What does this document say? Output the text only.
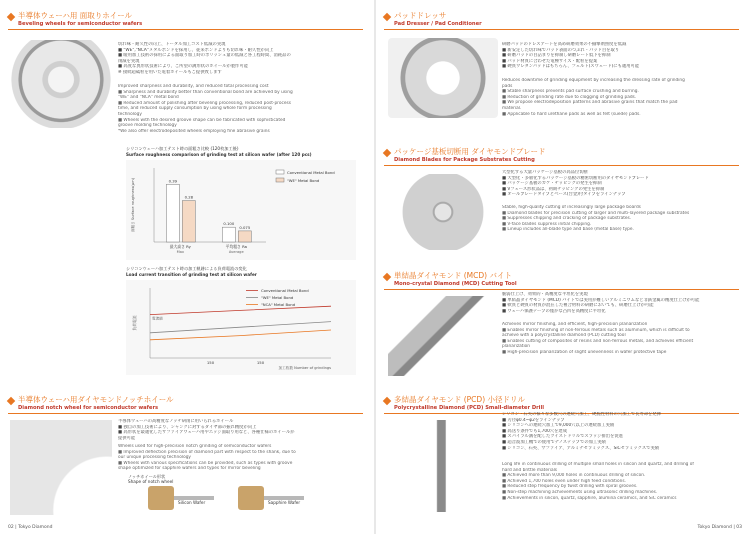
半導体ウェーハ用 面取りホイール
Beveling wheels for semiconductor wafers

切れ味・耐久性の向上、トータル加工コスト低減の実現

■ "WE","NCA"メタルボンドを採用し、従来ボンドよりも切れ味・耐久性が向上

■ 暖用加工技術の採用による面取り加工時のポリッシュ量の低減と各工程時間、消耗品の

削減を実現

■ 高度な異形状技術により、ご所望の溝形状のホイールが製作可能

※ 接続超砥粒を用いた電着ホイールもご提供致します

Improved sharpness and durability, and reduced total processing cost

■ Sharpness and durability better than conventional bond are achieved by using

"WE" and "NCA" metal bond

■ Reduced amount of polishing after beveling processing, reduced post-process

time, and reduced supply consumption by using whole form processing

technology

■ Wheels with the desired groove shape can be fabricated with sophisticated

groove molding technology

*We also offer electrodeposited wheels employing fine abrasive grains

シリコンウェーハ加工テスト時の面粗さ比較 (120枚加工後)
Surface roughness comparison of grinding test at silicon wafer (after 120 pcs)
面粗さ Surface roughness(μm)	0.39
0.28
最大高さ Ry
Max
0.100
0.075
平均粗さ Ra
Average
Conventional Metal Bond
"WE" Metal Bond
シリコンウェーハ加工テスト時の加工軌跡による負荷電流の変化
Load current transition of grinding test at silicon wafer
負荷電流
加工枚数 Number of grindings
150	150
電流値
Conventional Metal Bond
"WE" Metal Bond
"NCA" Metal Bond
半導体ウェーハ用ダイヤモンドノッチホイール
Diamond notch wheel for semiconductor wafers

半導体ウェーハの高精度なノッチ研削に用いられるホイール

■ 独自の加工技術により、シャンクに対するダイヤ部の振れ精度が向上

■ 高形状を最適化したサファイアウェーハ用やエッジ面取り用など、各種仕様のホイールが

提供可能

Wheels used for high-precision notch grinding of semiconductor wafers

■ Improved deflection precision of diamond part with respect to the shank, due to

our unique processing technology

■ Wheels with various specifications can be provided, such as types with groove

shape optimized for sapphire wafers and types for mirror beveling

ノッチホイール形状
Shape of notch wheel
Silicon Wafer	Sapphire Wafer
02 | Tokyo Diamond
パッドドレッサ
Pad Dresser / Pad Conditioner

研磨パッドのドレスアートを高め研磨効果の不揃撃剤照度を低減

■ 新安定した切れ味でパッド表面のつぶれ・パッド目を取り

■ 研磨パッドの目詰まりを抑制し研磨レート低下を抑制

■ パッド材質に合わせた電極サイズ・配粒を提案

■ 硬質ウレタンパッドはもちろん、フェルト(スウェード)にも適用可能

Reduces downtime of grinding equipment by increasing the dressing rate of grinding

pads

■ Stable sharpness prevents pad surface crushing and burring.

■ Reduction of grinding rate due to clogging of grinding pads.

■ We propose electrodeposition patterns and abrasive grains that match the pad

material.

■ Applicable to hard urethane pads as well as felt (suede) pads.

パッケージ基板切断用 ダイヤモンドブレード
Diamond Blades for Package Substrates Cutting

大型化する大量パッケージ基板の高品位切断

■ 大型化・多層化するパッケージ基板の精密切断用のダイヤモンドブレード

■ パッケージ基板のカケ・チッピングの発生を抑制

■ Vフェース形状品は、初期チッピングの発生を抑制

■ オールブレードタイプとベース(台金)付タイプをラインナップ

Stable, high-quality cutting of increasingly large package boards

■ Diamond blades for precision cutting of larger and multi-layered package substrates

■ Suppresses chipping and cracking of package substrates.

■ V-face blades suppress initial chipping.

■ Lineup includes all-blade type and base (metal base) type.

単結晶ダイヤモンド (MCD) バイト
Mono-crystal Diamond (MCD) Cutting Tool

脆弱仕上げ、効果的・高精度な平坦化を実現

■ 単結晶ダイヤモンド (MCD) バイトでは実用が難しいアルミニウムなど非鉄金属の精度仕上げが可能

■ 軟質と硬質の材質が混在した複合材料の研磨においても、研磨仕上げが可能

■ ウェーハ保護テープの僅かな凸凹を高精度に平坦化

Achieves mirror finishing, and efficient, high-precision planarization

■ Enables mirror finishing of non-ferrous metals such as aluminum, which is difficult to

achieve with a polycrystalline diamond (PCD) cutting tool

■ Enables cutting of composites of resins and non-ferrous metals, and achieves efficient

planarization

■ High-precision planarization of slight unevenness in wafer protective tape

多結晶ダイヤモンド (PCD) 小径ドリル
Polycrystalline Diamond (PCD) Small-diameter Drill

シリコン・石英の様々な多数穴の連続穴加工、硬脆性材料の穴加工で長寿命を発揮

■ 刃径φ0.4~φ2をラインナップ

■ シリコンへの連続穴加工で9,000穴以上の連続加工実績

■ 高送り条件でも1,700穴を達成

■ スパイラル溝を配したツイストドリルでスラッジ排出を促進

■ 超音波加工機での使用でナノステップでの加工実績

■ シリコン、石英、サファイア、アルミナセラミックス、SiCセラミックスで実績

Long life in continuous drilling of multiple small holes in silicon and quartz, and drilling of

hard and brittle materials

■ Achieved more than 9,000 holes in continuous drilling of silicon.

■ Achieved 1,700 holes even under high feed conditions.

■ Reduced step frequency by twist drilling with spiral grooves.

■ Non-step machining achievements using ultrasonic drilling machines.

■ Achievements in silicon, quartz, sapphire, alumina ceramics, and SiC ceramics

Tokyo Diamond | 03
